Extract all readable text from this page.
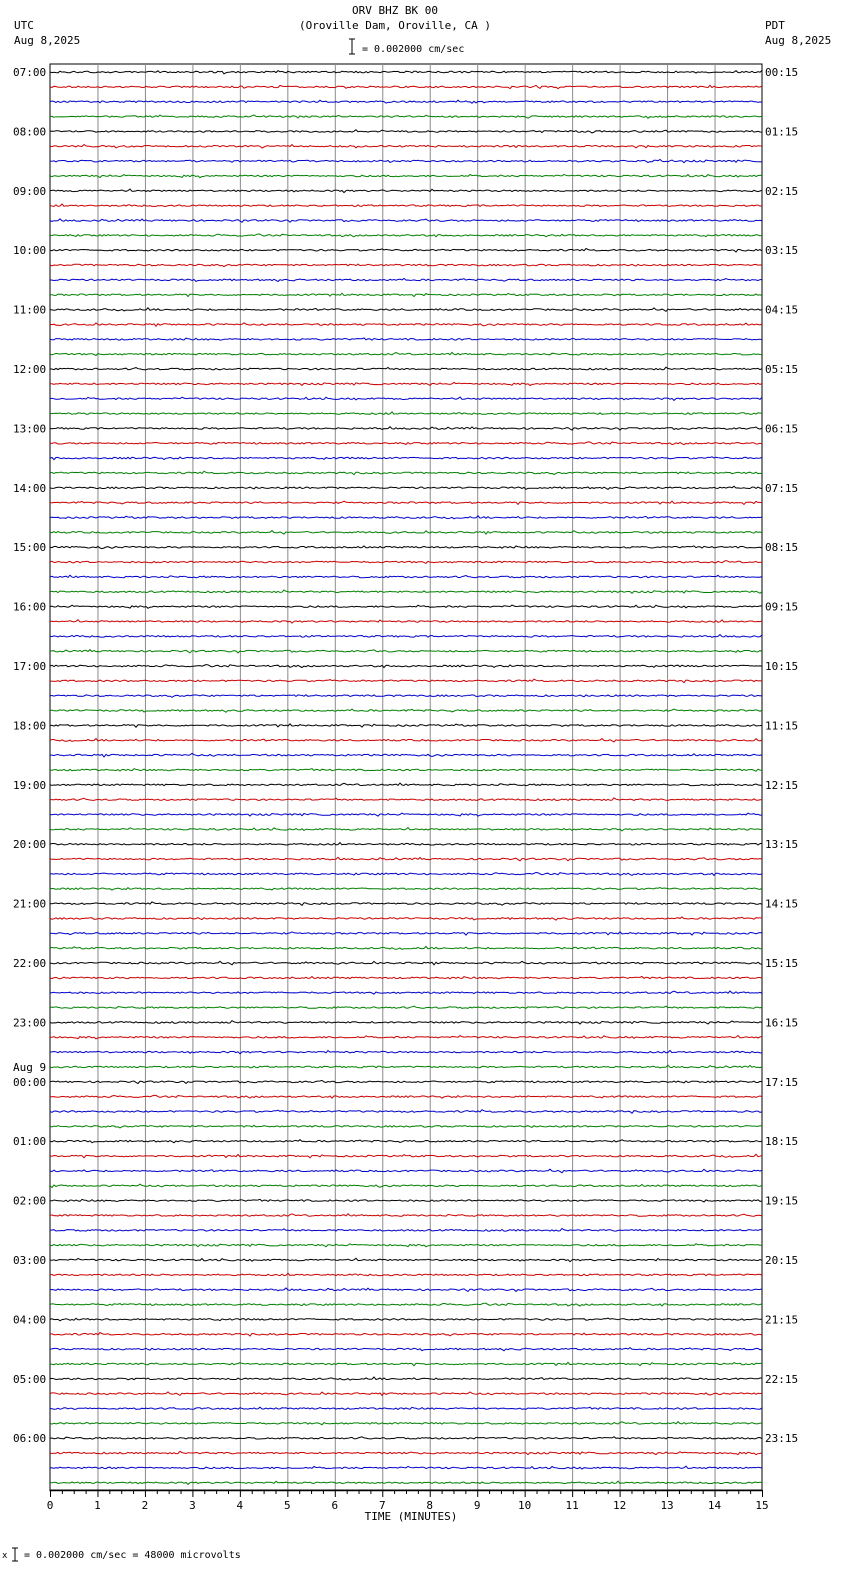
ORV BHZ BK 00
(Oroville Dam, Oroville, CA )
UTC
Aug 8,2025
PDT
Aug 8,2025
= 0.002000 cm/sec
x = 0.002000 cm/sec = 48000 microvolts
07:00	00:15
08:00	01:15
09:00	02:15
10:00	03:15
11:00	04:15
12:00	05:15
13:00	06:15
14:00	07:15
15:00	08:15
16:00	09:15
17:00	10:15
18:00	11:15
19:00	12:15
20:00	13:15
21:00	14:15
22:00	15:15
23:00	16:15
00:00	17:15
01:00	18:15
02:00	19:15
03:00	20:15
04:00	21:15
05:00	22:15
06:00	23:15
Aug 9
0	1	2	3	4	5	6	7	8	9	10	11	12	13	14	15
TIME (MINUTES)
